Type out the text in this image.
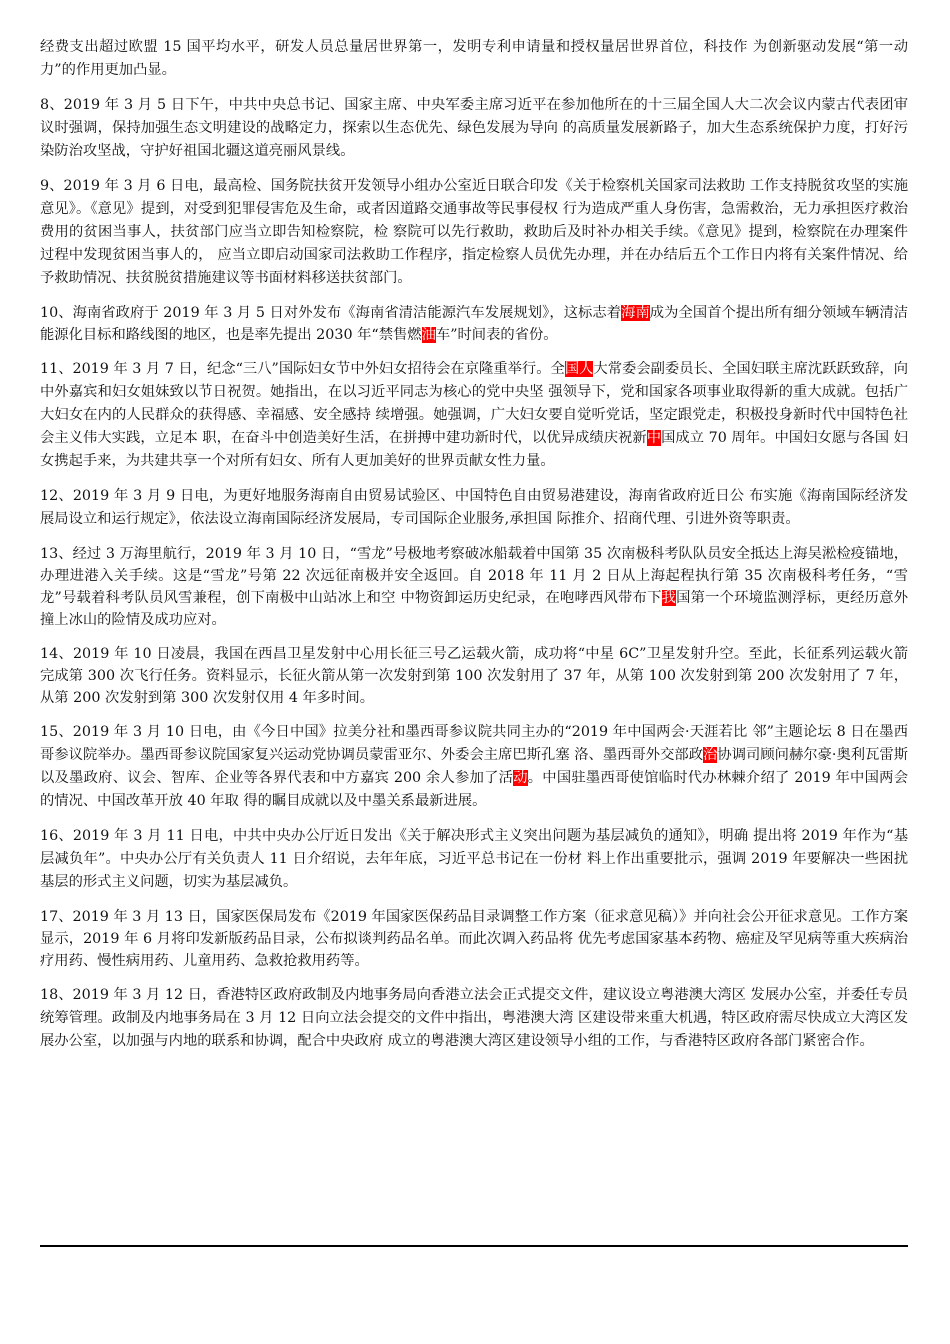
经费支出超过欧盟 15 国平均水平，研发人员总量居世界第一，发明专利申请量和授权量居世界首位，科技作 为创新驱动发展“第一动力”的作用更加凸显。

8、2019 年 3 月 5 日下午，中共中央总书记、国家主席、中央军委主席习近平在参加他所在的十三届全国人大二次会议内蒙古代表团审议时强调，保持加强生态文明建设的战略定力，探索以生态优先、绿色发展为导向 的高质量发展新路子，加大生态系统保护力度，打好污染防治攻坚战，守护好祖国北疆这道亮丽风景线。

9、2019 年 3 月 6 日电，最高检、国务院扶贫开发领导小组办公室近日联合印发《关于检察机关国家司法救助 工作支持脱贫攻坚的实施意见》。《意见》提到，对受到犯罪侵害危及生命，或者因道路交通事故等民事侵权 行为造成严重人身伤害，急需救治，无力承担医疗救治费用的贫困当事人，扶贫部门应当立即告知检察院，检 察院可以先行救助，救助后及时补办相关手续。《意见》提到，检察院在办理案件过程中发现贫困当事人的， 应当立即启动国家司法救助工作程序，指定检察人员优先办理，并在办结后五个工作日内将有关案件情况、给 予救助情况、扶贫脱贫措施建议等书面材料移送扶贫部门。

10、海南省政府于 2019 年 3 月 5 日对外发布《海南省清洁能源汽车发展规划》，这标志着海南成为全国首个提出所有细分领域车辆清洁能源化目标和路线图的地区，也是率先提出 2030 年“禁售燃油车”时间表的省份。

11、2019 年 3 月 7 日，纪念“三八”国际妇女节中外妇女招待会在京隆重举行。全国人大常委会副委员长、全国妇联主席沈跃跃致辞，向中外嘉宾和妇女姐妹致以节日祝贺。她指出，在以习近平同志为核心的党中央坚 强领导下，党和国家各项事业取得新的重大成就。包括广大妇女在内的人民群众的获得感、幸福感、安全感持 续增强。她强调，广大妇女要自觉听党话，坚定跟党走，积极投身新时代中国特色社会主义伟大实践，立足本 职，在奋斗中创造美好生活，在拼搏中建功新时代，以优异成绩庆祝新中国成立 70 周年。中国妇女愿与各国 妇女携起手来，为共建共享一个对所有妇女、所有人更加美好的世界贡献女性力量。

12、2019 年 3 月 9 日电，为更好地服务海南自由贸易试验区、中国特色自由贸易港建设，海南省政府近日公 布实施《海南国际经济发展局设立和运行规定》，依法设立海南国际经济发展局，专司国际企业服务,承担国 际推介、招商代理、引进外资等职责。

13、经过 3 万海里航行，2019 年 3 月 10 日，“雪龙”号极地考察破冰船载着中国第 35 次南极科考队队员安全抵达上海吴淞检疫锚地，办理进港入关手续。这是“雪龙”号第 22 次远征南极并安全返回。自 2018 年 11 月 2 日从上海起程执行第 35 次南极科考任务，“雪龙”号载着科考队员风雪兼程，创下南极中山站冰上和空 中物资卸运历史纪录，在咆哮西风带布下我国第一个环境监测浮标，更经历意外撞上冰山的险情及成功应对。

14、2019 年 10 日凌晨，我国在西昌卫星发射中心用长征三号乙运载火箭，成功将“中星 6C”卫星发射升空。至此，长征系列运载火箭完成第 300 次飞行任务。资料显示，长征火箭从第一次发射到第 100 次发射用了 37 年，从第 100 次发射到第 200 次发射用了 7 年，从第 200 次发射到第 300 次发射仅用 4 年多时间。

15、2019 年 3 月 10 日电，由《今日中国》拉美分社和墨西哥参议院共同主办的“2019 年中国两会·天涯若比 邻”主题论坛 8 日在墨西哥参议院举办。墨西哥参议院国家复兴运动党协调员蒙雷亚尔、外委会主席巴斯孔塞 洛、墨西哥外交部政治协调司顾问赫尔豪·奥利瓦雷斯以及墨政府、议会、智库、企业等各界代表和中方嘉宾 200 余人参加了活动。中国驻墨西哥使馆临时代办林棘介绍了 2019 年中国两会的情况、中国改革开放 40 年取 得的瞩目成就以及中墨关系最新进展。

16、2019 年 3 月 11 日电，中共中央办公厅近日发出《关于解决形式主义突出问题为基层减负的通知》，明确 提出将 2019 年作为“基层减负年”。中央办公厅有关负责人 11 日介绍说，去年年底，习近平总书记在一份材 料上作出重要批示，强调 2019 年要解决一些困扰基层的形式主义问题，切实为基层减负。

17、2019 年 3 月 13 日，国家医保局发布《2019 年国家医保药品目录调整工作方案（征求意见稿）》并向社会公开征求意见。工作方案显示，2019 年 6 月将印发新版药品目录，公布拟谈判药品名单。而此次调入药品将 优先考虑国家基本药物、癌症及罕见病等重大疾病治疗用药、慢性病用药、儿童用药、急救抢救用药等。

18、2019 年 3 月 12 日，香港特区政府政制及内地事务局向香港立法会正式提交文件，建议设立粤港澳大湾区 发展办公室，并委任专员统筹管理。政制及内地事务局在 3 月 12 日向立法会提交的文件中指出，粤港澳大湾 区建设带来重大机遇，特区政府需尽快成立大湾区发展办公室，以加强与内地的联系和协调，配合中央政府 成立的粤港澳大湾区建设领导小组的工作，与香港特区政府各部门紧密合作。
